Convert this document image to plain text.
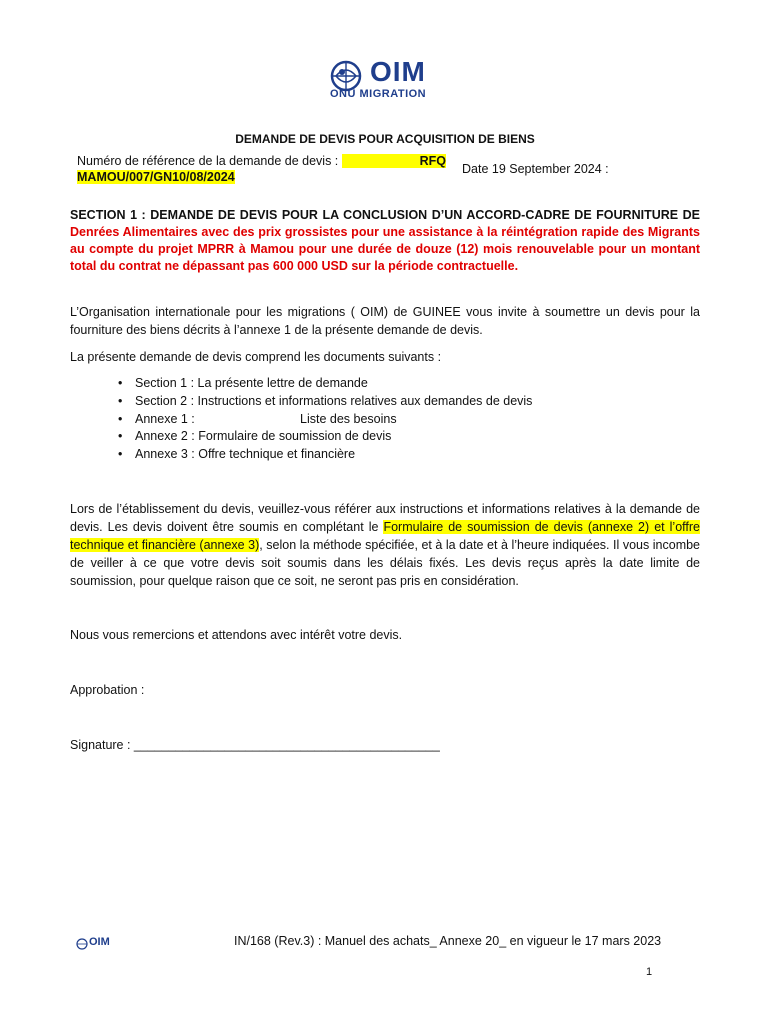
OIM
ONU MIGRATION
DEMANDE DE DEVIS POUR ACQUISITION DE BIENS
Numéro de référence de la demande de devis :	RFQ
MAMOU/007/GN10/08/2024
Date 19 September 2024 :
SECTION 1 : DEMANDE DE DEVIS POUR LA CONCLUSION D’UN ACCORD-CADRE DE FOURNITURE DE Denrées Alimentaires avec des prix grossistes pour une assistance à la réintégration rapide des Migrants au compte du projet MPRR à Mamou pour une durée de douze (12) mois renouvelable pour un montant total du contrat ne dépassant pas 600 000 USD sur la période contractuelle.
L’Organisation internationale pour les migrations ( OIM) de GUINEE vous invite à soumettre un devis pour la fourniture des biens décrits à l’annexe 1 de la présente demande de devis.
La présente demande de devis comprend les documents suivants :
• Section 1 : La présente lettre de demande
• Section 2 : Instructions et informations relatives aux demandes de devis
• Annexe 1 :	Liste des besoins
• Annexe 2 : Formulaire de soumission de devis
• Annexe 3 : Offre technique et financière
Lors de l’établissement du devis, veuillez-vous référer aux instructions et informations relatives à la demande de devis. Les devis doivent être soumis en complétant le Formulaire de soumission de devis (annexe 2) et l’offre technique et financière (annexe 3), selon la méthode spécifiée, et à la date et à l’heure indiquées. Il vous incombe de veiller à ce que votre devis soit soumis dans les délais fixés. Les devis reçus après la date limite de soumission, pour quelque raison que ce soit, ne seront pas pris en considération.
Nous vous remercions et attendons avec intérêt votre devis.
Approbation :
Signature : ____________________________________________
OIM	IN/168 (Rev.3) : Manuel des achats_ Annexe 20_ en vigueur le 17 mars 2023
1
